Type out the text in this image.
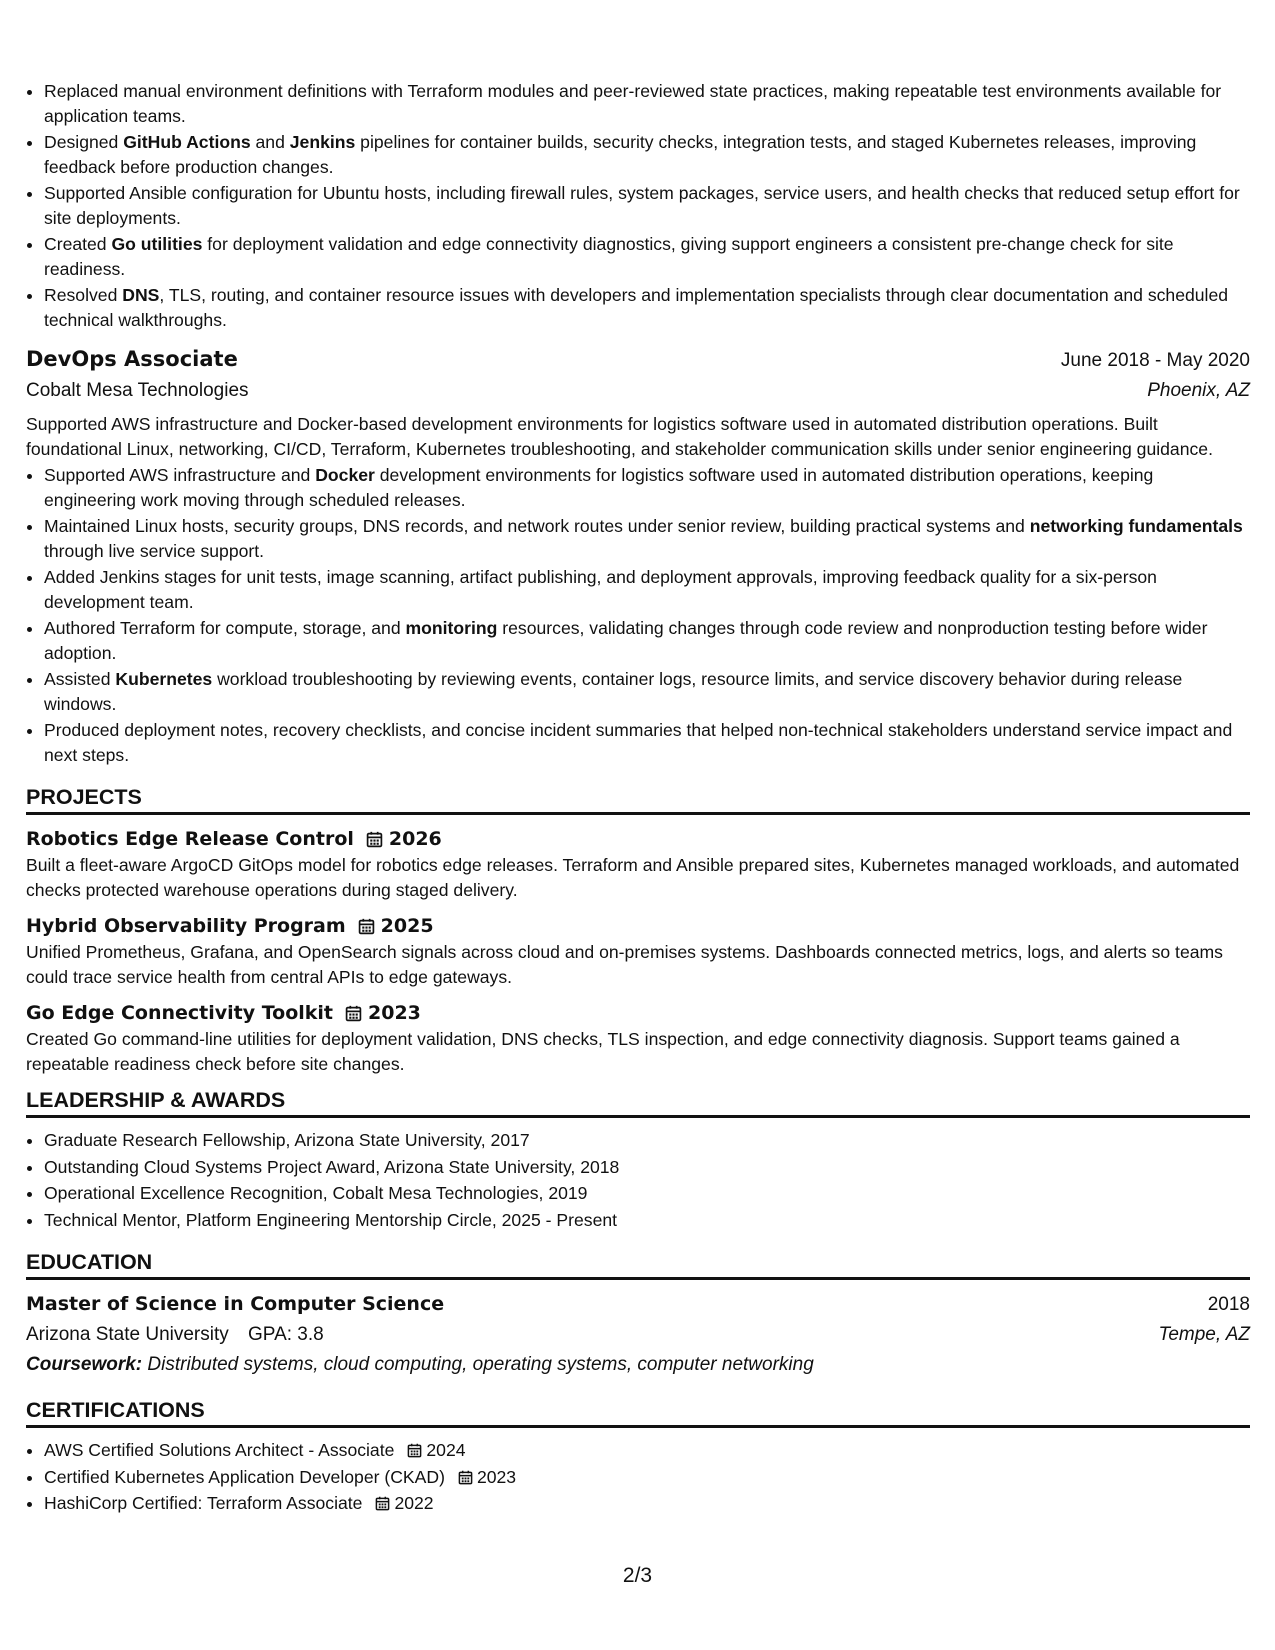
• Replaced manual environment definitions with Terraform modules and peer-reviewed state practices, making repeatable test environments available for application teams.
• Designed GitHub Actions and Jenkins pipelines for container builds, security checks, integration tests, and staged Kubernetes releases, improving feedback before production changes.
• Supported Ansible configuration for Ubuntu hosts, including firewall rules, system packages, service users, and health checks that reduced setup effort for site deployments.
• Created Go utilities for deployment validation and edge connectivity diagnostics, giving support engineers a consistent pre-change check for site readiness.
• Resolved DNS, TLS, routing, and container resource issues with developers and implementation specialists through clear documentation and scheduled technical walkthroughs.
DevOps Associate	June 2018 - May 2020
Cobalt Mesa Technologies	Phoenix, AZ
Supported AWS infrastructure and Docker-based development environments for logistics software used in automated distribution operations. Built foundational Linux, networking, CI/CD, Terraform, Kubernetes troubleshooting, and stakeholder communication skills under senior engineering guidance.
• Supported AWS infrastructure and Docker development environments for logistics software used in automated distribution operations, keeping engineering work moving through scheduled releases.
• Maintained Linux hosts, security groups, DNS records, and network routes under senior review, building practical systems and networking fundamentals through live service support.
• Added Jenkins stages for unit tests, image scanning, artifact publishing, and deployment approvals, improving feedback quality for a six-person development team.
• Authored Terraform for compute, storage, and monitoring resources, validating changes through code review and nonproduction testing before wider adoption.
• Assisted Kubernetes workload troubleshooting by reviewing events, container logs, resource limits, and service discovery behavior during release windows.
• Produced deployment notes, recovery checklists, and concise incident summaries that helped non-technical stakeholders understand service impact and next steps.
PROJECTS
Robotics Edge Release Control 2026
Built a fleet-aware ArgoCD GitOps model for robotics edge releases. Terraform and Ansible prepared sites, Kubernetes managed workloads, and automated checks protected warehouse operations during staged delivery.
Hybrid Observability Program 2025
Unified Prometheus, Grafana, and OpenSearch signals across cloud and on-premises systems. Dashboards connected metrics, logs, and alerts so teams could trace service health from central APIs to edge gateways.
Go Edge Connectivity Toolkit 2023
Created Go command-line utilities for deployment validation, DNS checks, TLS inspection, and edge connectivity diagnosis. Support teams gained a repeatable readiness check before site changes.
LEADERSHIP & AWARDS
• Graduate Research Fellowship, Arizona State University, 2017
• Outstanding Cloud Systems Project Award, Arizona State University, 2018
• Operational Excellence Recognition, Cobalt Mesa Technologies, 2019
• Technical Mentor, Platform Engineering Mentorship Circle, 2025 - Present
EDUCATION
Master of Science in Computer Science	2018
Arizona State University GPA: 3.8	Tempe, AZ
Coursework: Distributed systems, cloud computing, operating systems, computer networking
CERTIFICATIONS
• AWS Certified Solutions Architect - Associate 2024
• Certified Kubernetes Application Developer (CKAD) 2023
• HashiCorp Certified: Terraform Associate 2022
2/3
